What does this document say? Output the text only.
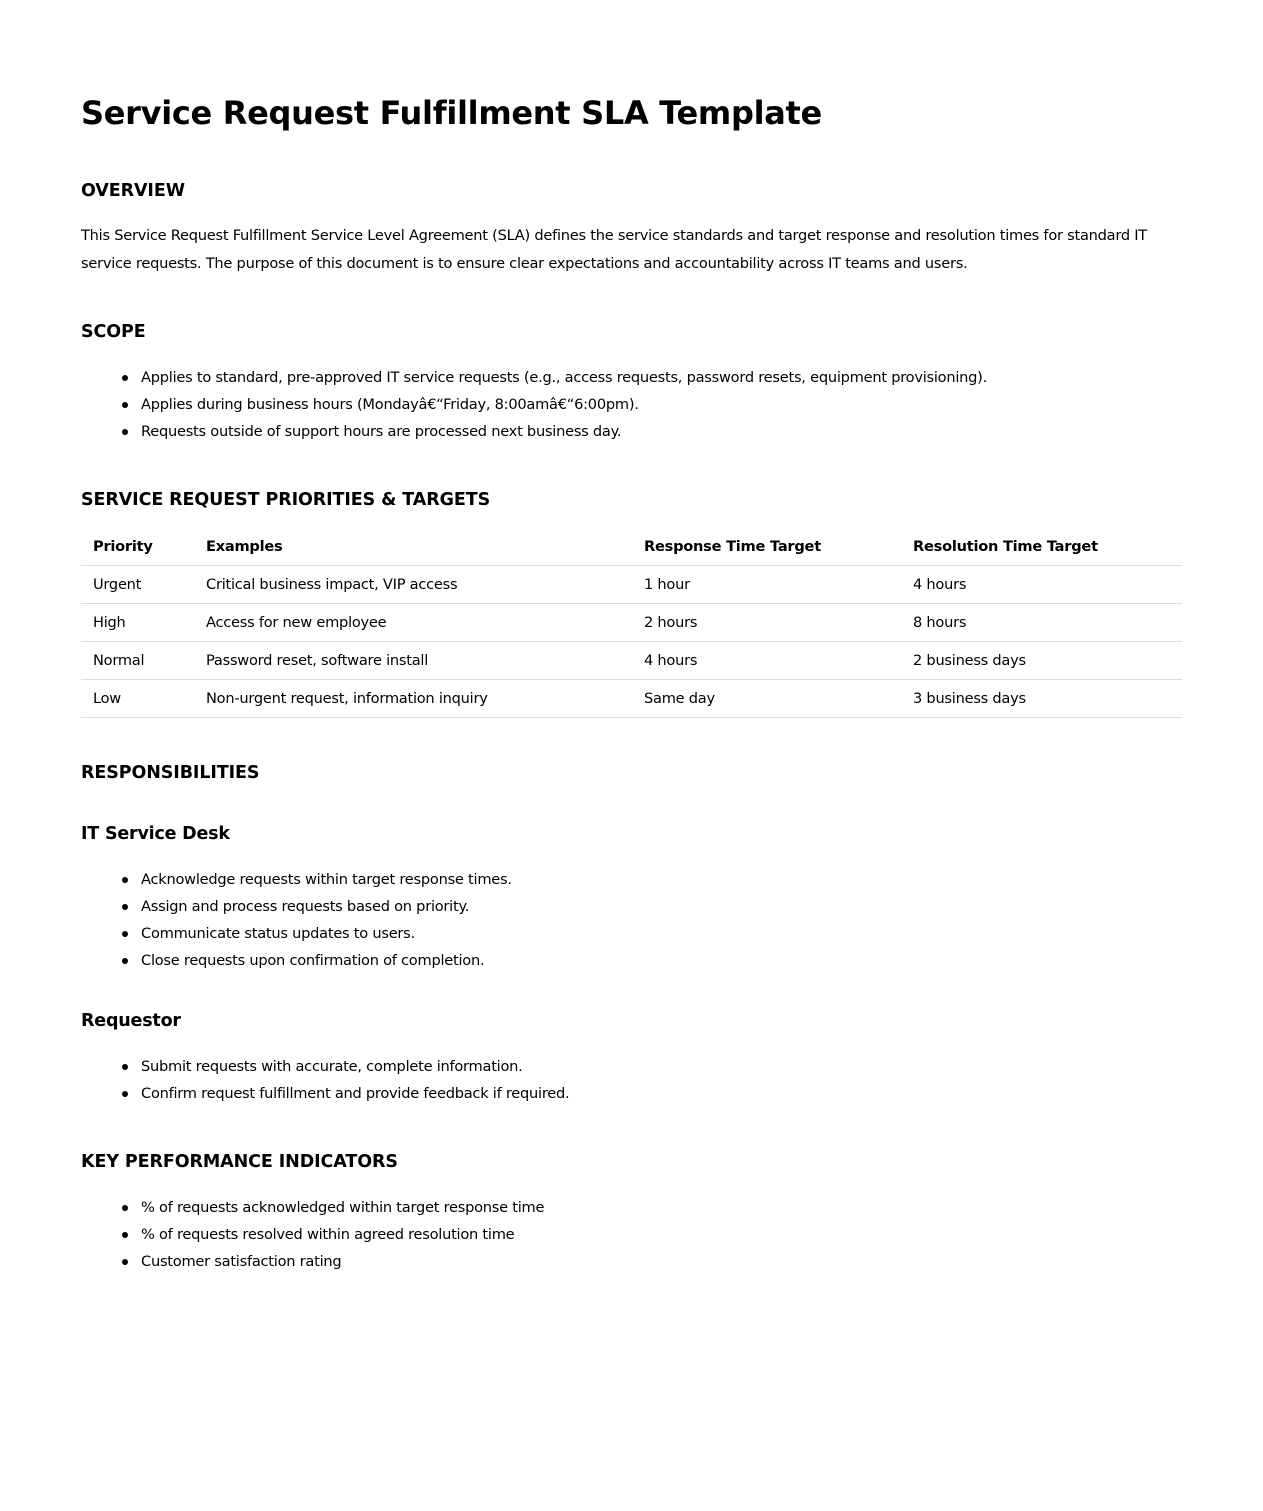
Service Request Fulfillment SLA Template
OVERVIEW

This Service Request Fulfillment Service Level Agreement (SLA) defines the service standards and target response and resolution times for standard IT service requests. The purpose of this document is to ensure clear expectations and accountability across IT teams and users.

SCOPE
Applies to standard, pre-approved IT service requests (e.g., access requests, password resets, equipment provisioning).
Applies during business hours (Mondayâ€“Friday, 8:00amâ€“6:00pm).
Requests outside of support hours are processed next business day.
SERVICE REQUEST PRIORITIES & TARGETS
Priority	Examples	Response Time Target	Resolution Time Target
Urgent	Critical business impact, VIP access	1 hour	4 hours
High	Access for new employee	2 hours	8 hours
Normal	Password reset, software install	4 hours	2 business days
Low	Non-urgent request, information inquiry	Same day	3 business days
RESPONSIBILITIES
IT Service Desk
Acknowledge requests within target response times.
Assign and process requests based on priority.
Communicate status updates to users.
Close requests upon confirmation of completion.
Requestor
Submit requests with accurate, complete information.
Confirm request fulfillment and provide feedback if required.
KEY PERFORMANCE INDICATORS
% of requests acknowledged within target response time
% of requests resolved within agreed resolution time
Customer satisfaction rating
